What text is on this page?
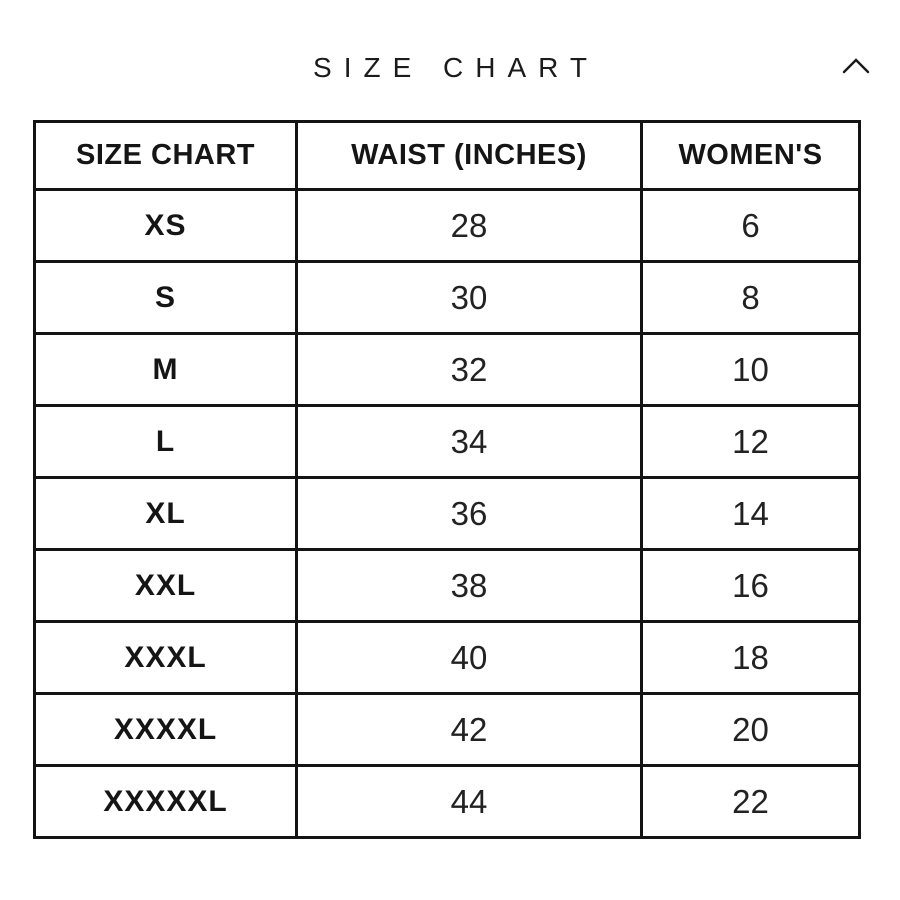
SIZE CHART
SIZE CHART	WAIST (INCHES)	WOMEN'S
XS	28	6
S	30	8
M	32	10
L	34	12
XL	36	14
XXL	38	16
XXXL	40	18
XXXXL	42	20
XXXXXL	44	22
